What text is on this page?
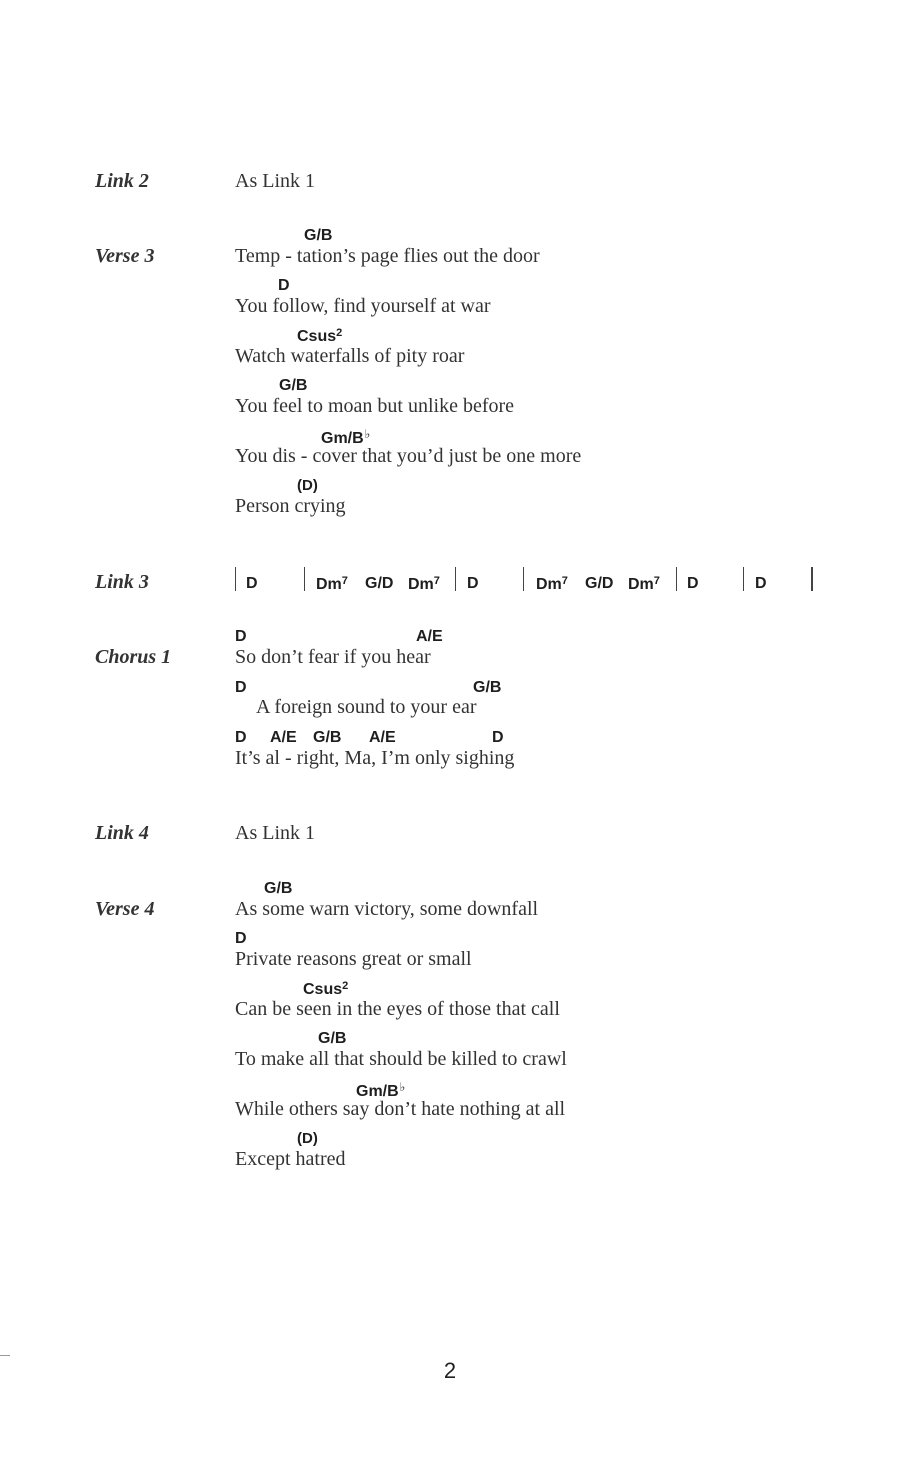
Link 2	As Link 1
Verse 3
G/B
Temp - tation’s page flies out the door
D
You follow, find yourself at war
Csus$^2$
Watch waterfalls of pity roar
G/B
You feel to moan but unlike before
Gm/B♭
You dis - cover that you’d just be one more
(D)
Person crying
Link 3	D	Dm$^7$ G/D Dm$^7$ D	Dm$^7$ G/D Dm$^7$ D	D
Chorus 1
D	A/E
So don’t fear if you hear
D	G/B
A foreign sound to your ear
D A/E G/B A/E	D
It’s al - right, Ma, I’m only sighing
Link 4	As Link 1
Verse 4
G/B
As some warn victory, some downfall
D
Private reasons great or small
Csus$^2$
Can be seen in the eyes of those that call
G/B
To make all that should be killed to crawl
Gm/B♭
While others say don’t hate nothing at all
(D)
Except hatred
2
